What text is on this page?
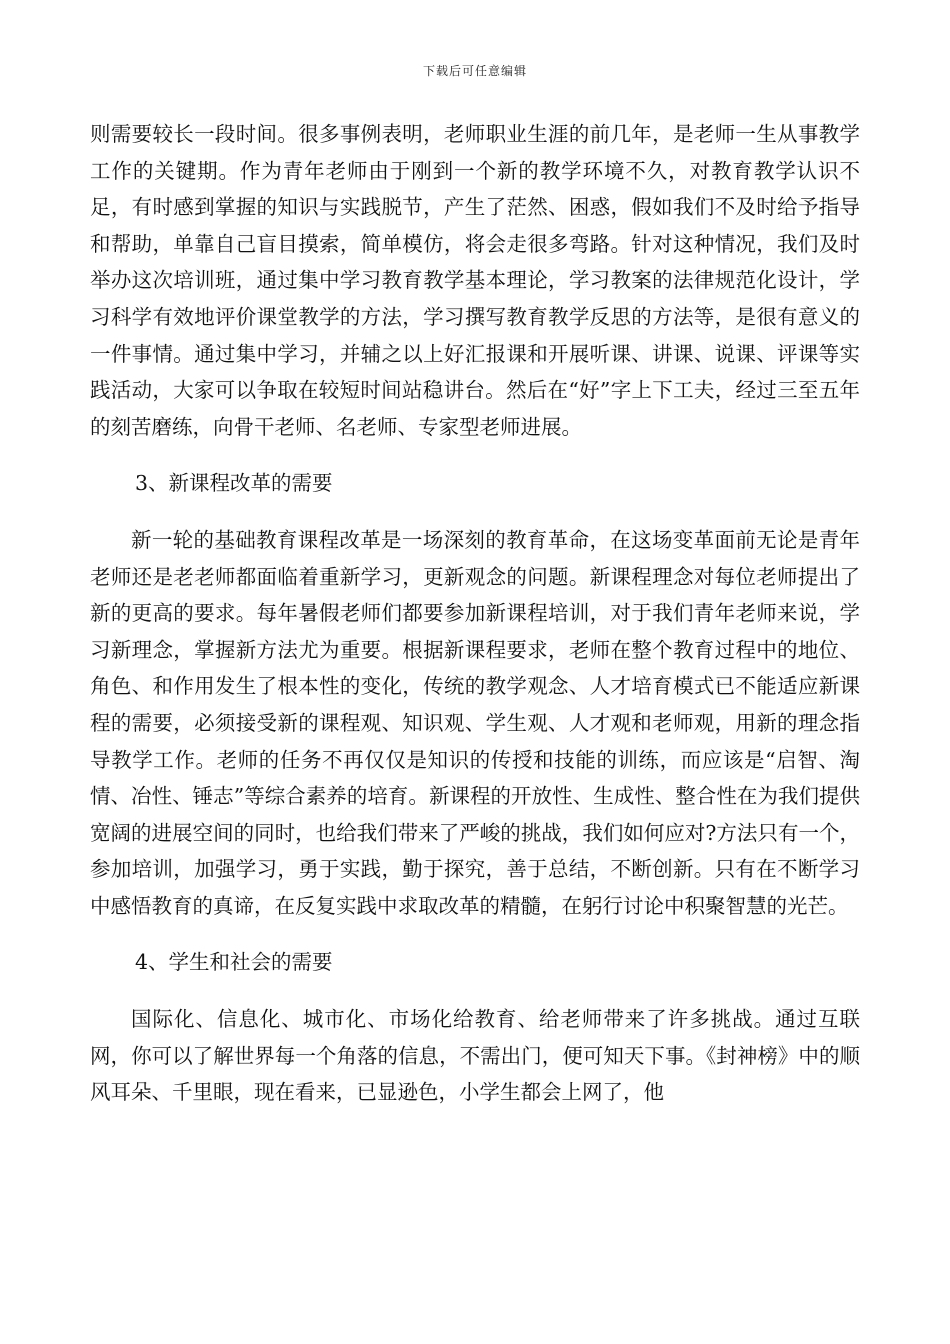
下载后可任意编辑

则需要较长一段时间。很多事例表明，老师职业生涯的前几年，是老师一生从事教学工作的关键期。作为青年老师由于刚到一个新的教学环境不久，对教育教学认识不足，有时感到掌握的知识与实践脱节，产生了茫然、困惑，假如我们不及时给予指导和帮助，单靠自己盲目摸索，简单模仿，将会走很多弯路。针对这种情况，我们及时举办这次培训班，通过集中学习教育教学基本理论，学习教案的法律规范化设计，学习科学有效地评价课堂教学的方法，学习撰写教育教学反思的方法等，是很有意义的一件事情。通过集中学习，并辅之以上好汇报课和开展听课、讲课、说课、评课等实践活动，大家可以争取在较短时间站稳讲台。然后在“好”字上下工夫，经过三至五年的刻苦磨练，向骨干老师、名老师、专家型老师进展。

3、新课程改革的需要

新一轮的基础教育课程改革是一场深刻的教育革命，在这场变革面前无论是青年老师还是老老师都面临着重新学习，更新观念的问题。新课程理念对每位老师提出了新的更高的要求。每年暑假老师们都要参加新课程培训，对于我们青年老师来说，学习新理念，掌握新方法尤为重要。根据新课程要求，老师在整个教育过程中的地位、角色、和作用发生了根本性的变化，传统的教学观念、人才培育模式已不能适应新课程的需要，必须接受新的课程观、知识观、学生观、人才观和老师观，用新的理念指导教学工作。老师的任务不再仅仅是知识的传授和技能的训练，而应该是“启智、淘情、冶性、锤志”等综合素养的培育。新课程的开放性、生成性、整合性在为我们提供宽阔的进展空间的同时，也给我们带来了严峻的挑战，我们如何应对?方法只有一个，参加培训，加强学习，勇于实践，勤于探究，善于总结，不断创新。只有在不断学习中感悟教育的真谛，在反复实践中求取改革的精髓，在躬行讨论中积聚智慧的光芒。

4、学生和社会的需要

国际化、信息化、城市化、市场化给教育、给老师带来了许多挑战。通过互联网，你可以了解世界每一个角落的信息，不需出门，便可知天下事。《封神榜》中的顺风耳朵、千里眼，现在看来，已显逊色，小学生都会上网了，他
